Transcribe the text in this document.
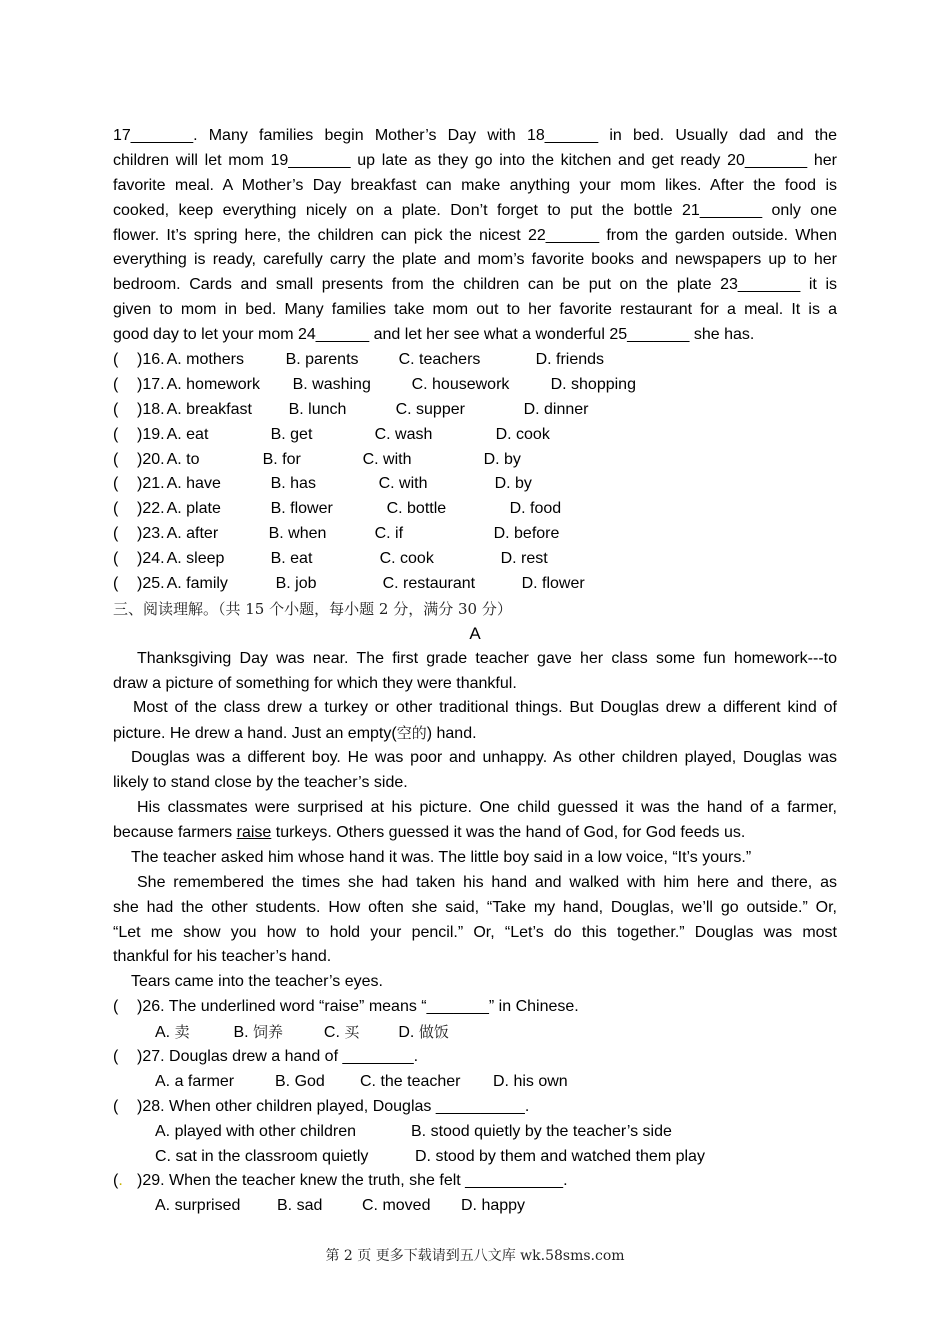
17_______. Many families begin Mother’s Day with 18______ in bed. Usually dad and the
children will let mom 19_______ up late as they go into the kitchen and get ready 20_______ her
favorite meal. A Mother’s Day breakfast can make anything your mom likes. After the food is
cooked, keep everything nicely on a plate. Don’t forget to put the bottle 21_______ only one
flower. It’s spring here, the children can pick the nicest 22______ from the garden outside. When
everything is ready, carefully carry the plate and mom’s favorite books and newspapers up to her
bedroom. Cards and small presents from the children can be put on the plate 23_______ it is
given to mom in bed. Many families take mom out to her favorite restaurant for a meal. It is a
good day to let your mom 24______ and let her see what a wonderful 25_______ she has.
(	)16. A. mothers	B. parents	C. teachers	D. friends
(	)17. A. homework	B. washing	C. housework	D. shopping
(	)18. A. breakfast	B. lunch	C. supper	D. dinner
(	)19. A. eat	B. get	C. wash	D. cook
(	)20. A. to	B. for	C. with	D. by
(	)21. A. have	B. has	C. with	D. by
(	)22. A. plate	B. flower	C. bottle	D. food
(	)23. A. after	B. when	C. if	D. before
(	)24. A. sleep	B. eat	C. cook	D. rest
(	)25. A. family	B. job	C. restaurant	D. flower
三、阅读理解。（共 15 个小题，每小题 2 分，满分 30 分）
A
Thanksgiving Day was near. The first grade teacher gave her class some fun homework---to
draw a picture of something for which they were thankful.
Most of the class drew a turkey or other traditional things. But Douglas drew a different kind of
picture. He drew a hand. Just an empty(空的) hand.
Douglas was a different boy. He was poor and unhappy. As other children played, Douglas was
likely to stand close by the teacher’s side.
His classmates were surprised at his picture. One child guessed it was the hand of a farmer,
because farmers raise turkeys. Others guessed it was the hand of God, for God feeds us.
The teacher asked him whose hand it was. The little boy said in a low voice, “It’s yours.”
She remembered the times she had taken his hand and walked with him here and there, as
she had the other students. How often she said, “Take my hand, Douglas, we’ll go outside.” Or,
“Let me show you how to hold your pencil.” Or, “Let’s do this together.” Douglas was most
thankful for his teacher’s hand.
Tears came into the teacher’s eyes.
(	)26. The underlined word “raise” means “_______” in Chinese.
A. 卖	B. 饲养	C. 买 D. 做饭
(	)27. Douglas drew a hand of ________.
A. a farmer	B. God C. the teacher D. his own
(	)28. When other children played, Douglas __________.
A. played with other children	B. stood quietly by the teacher’s side
C. sat in the classroom quietly	D. stood by them and watched them play
(. )29. When the teacher knew the truth, she felt ___________.
A. surprised B. sad C. moved D. happy
第 2 页 更多下载请到五八文库 wk.58sms.com
